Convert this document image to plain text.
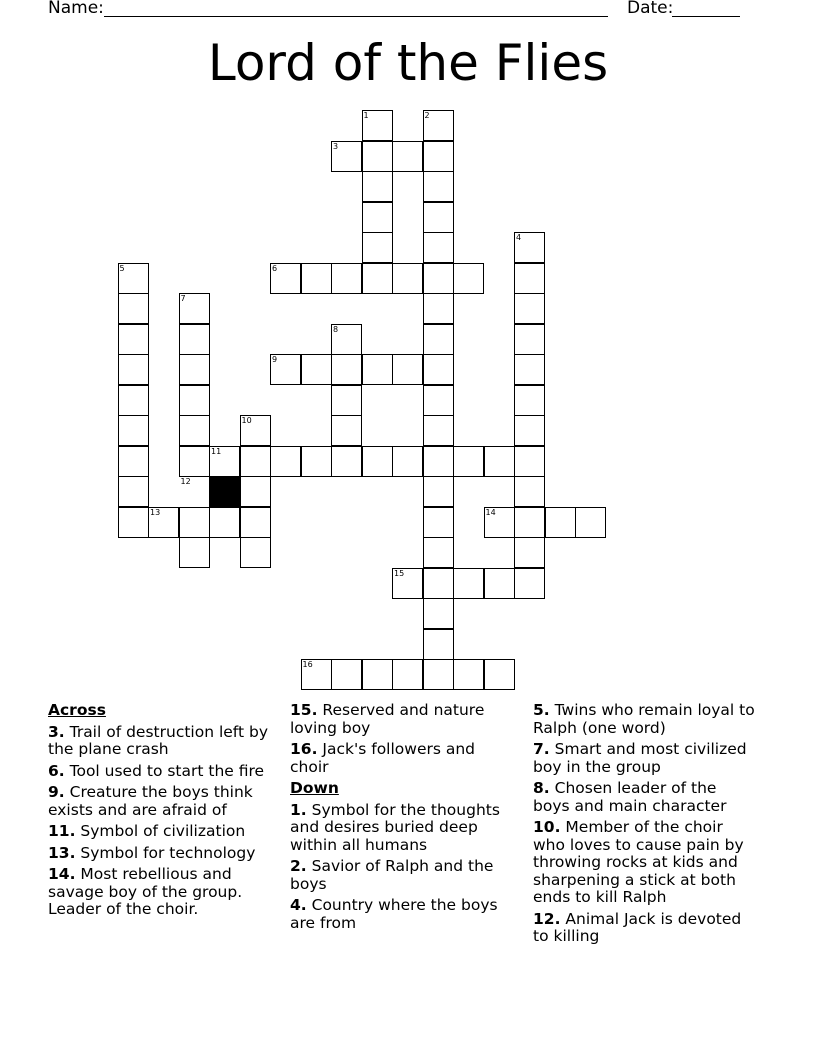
Name:	Date:
Lord of the Flies
1	2
3
4
5	6
7
8
9
10
11
12
13	14
15
16
Across
3. Trail of destruction left by the plane crash
6. Tool used to start the fire
9. Creature the boys think exists and are afraid of
11. Symbol of civilization
13. Symbol for technology
14. Most rebellious and savage boy of the group. Leader of the choir.
15. Reserved and nature loving boy
16. Jack's followers and choir
Down
1. Symbol for the thoughts and desires buried deep within all humans
2. Savior of Ralph and the boys
4. Country where the boys are from
5. Twins who remain loyal to Ralph (one word)
7. Smart and most civilized boy in the group
8. Chosen leader of the boys and main character
10. Member of the choir who loves to cause pain by throwing rocks at kids and sharpening a stick at both ends to kill Ralph
12. Animal Jack is devoted to killing
